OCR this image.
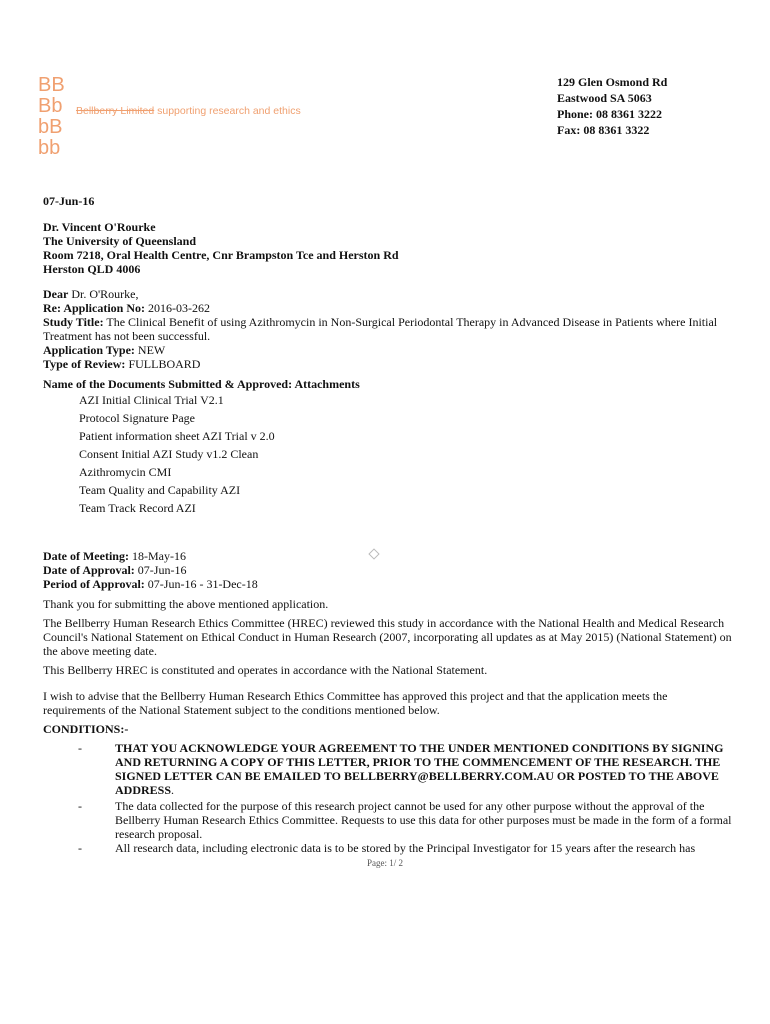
BB
Bb
bB
bb
Bellberry Limited supporting research and ethics
129 Glen Osmond Rd
Eastwood SA 5063
Phone: 08 8361 3222
Fax: 08 8361 3322
07-Jun-16
Dr. Vincent O'Rourke
The University of Queensland
Room 7218, Oral Health Centre, Cnr Brampston Tce and Herston Rd
Herston QLD 4006
Dear Dr. O'Rourke,
Re: Application No: 2016-03-262
Study Title: The Clinical Benefit of using Azithromycin in Non-Surgical Periodontal Therapy in Advanced Disease in Patients where Initial Treatment has not been successful.
Application Type: NEW
Type of Review: FULLBOARD
Name of the Documents Submitted & Approved: Attachments
AZI Initial Clinical Trial V2.1
Protocol Signature Page
Patient information sheet AZI Trial v 2.0
Consent Initial AZI Study v1.2 Clean
Azithromycin CMI
Team Quality and Capability AZI
Team Track Record AZI
Date of Meeting: 18-May-16
Date of Approval: 07-Jun-16
Period of Approval: 07-Jun-16 - 31-Dec-18
Thank you for submitting the above mentioned application.
The Bellberry Human Research Ethics Committee (HREC) reviewed this study in accordance with the National Health and Medical Research Council's National Statement on Ethical Conduct in Human Research (2007, incorporating all updates as at May 2015) (National Statement) on the above meeting date.
This Bellberry HREC is constituted and operates in accordance with the National Statement.
I wish to advise that the Bellberry Human Research Ethics Committee has approved this project and that the application meets the requirements of the National Statement subject to the conditions mentioned below.
CONDITIONS:-
-	THAT YOU ACKNOWLEDGE YOUR AGREEMENT TO THE UNDER MENTIONED CONDITIONS BY SIGNING AND RETURNING A COPY OF THIS LETTER, PRIOR TO THE COMMENCEMENT OF THE RESEARCH. THE SIGNED LETTER CAN BE EMAILED TO BELLBERRY@BELLBERRY.COM.AU OR POSTED TO THE ABOVE ADDRESS.
-	The data collected for the purpose of this research project cannot be used for any other purpose without the approval of the Bellberry Human Research Ethics Committee. Requests to use this data for other purposes must be made in the form of a formal research proposal.
-	All research data, including electronic data is to be stored by the Principal Investigator for 15 years after the research has
Page: 1/ 2
